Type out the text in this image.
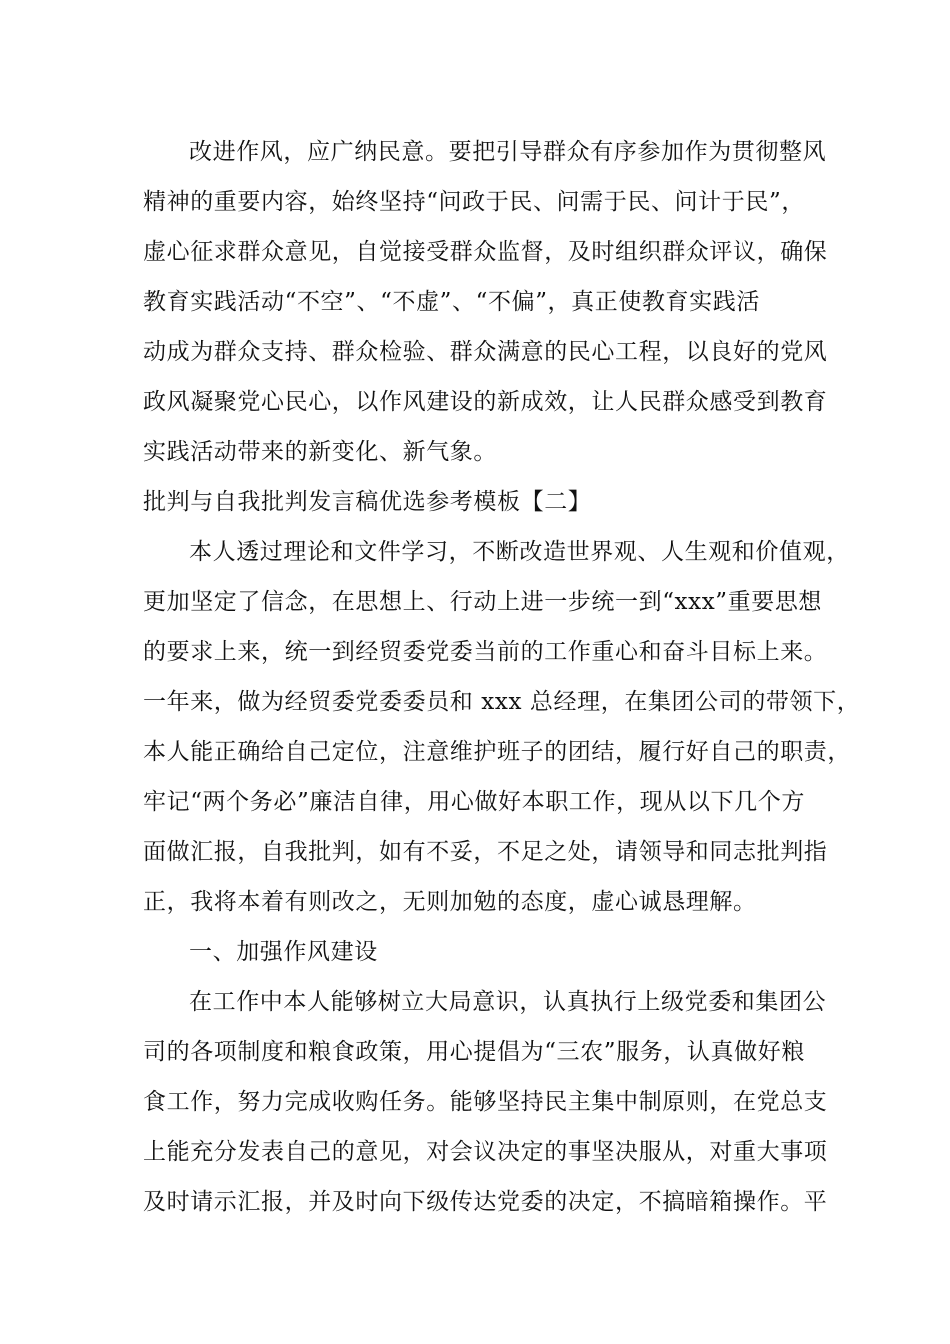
改进作风，应广纳民意。要把引导群众有序参加作为贯彻整风
精神的重要内容，始终坚持“问政于民、问需于民、问计于民”，
虚心征求群众意见，自觉接受群众监督，及时组织群众评议，确保
教育实践活动“不空”、“不虚”、“不偏”，真正使教育实践活
动成为群众支持、群众检验、群众满意的民心工程，以良好的党风
政风凝聚党心民心，以作风建设的新成效，让人民群众感受到教育
实践活动带来的新变化、新气象。
批判与自我批判发言稿优选参考模板【二】
本人透过理论和文件学习，不断改造世界观、人生观和价值观，
更加坚定了信念，在思想上、行动上进一步统一到“xxx”重要思想
的要求上来，统一到经贸委党委当前的工作重心和奋斗目标上来。
一年来，做为经贸委党委委员和 xxx 总经理，在集团公司的带领下，
本人能正确给自己定位，注意维护班子的团结，履行好自己的职责，
牢记“两个务必”廉洁自律，用心做好本职工作，现从以下几个方
面做汇报，自我批判，如有不妥，不足之处，请领导和同志批判指
正，我将本着有则改之，无则加勉的态度，虚心诚恳理解。
一、加强作风建设
在工作中本人能够树立大局意识，认真执行上级党委和集团公
司的各项制度和粮食政策，用心提倡为“三农”服务，认真做好粮
食工作，努力完成收购任务。能够坚持民主集中制原则，在党总支
上能充分发表自己的意见，对会议决定的事坚决服从，对重大事项
及时请示汇报，并及时向下级传达党委的决定，不搞暗箱操作。平
